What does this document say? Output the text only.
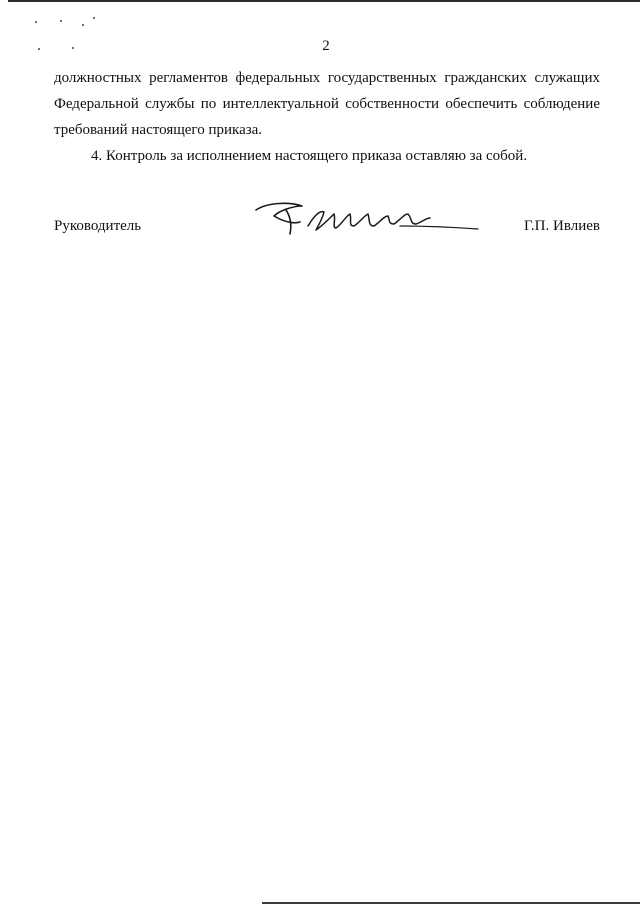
2

должностных регламентов федеральных государственных гражданских служащих
Федеральной службы по интеллектуальной собственности обеспечить соблюдение
требований настоящего приказа.

4. Контроль за исполнением настоящего приказа оставляю за собой.

Руководитель	Г.П. Ивлиев
